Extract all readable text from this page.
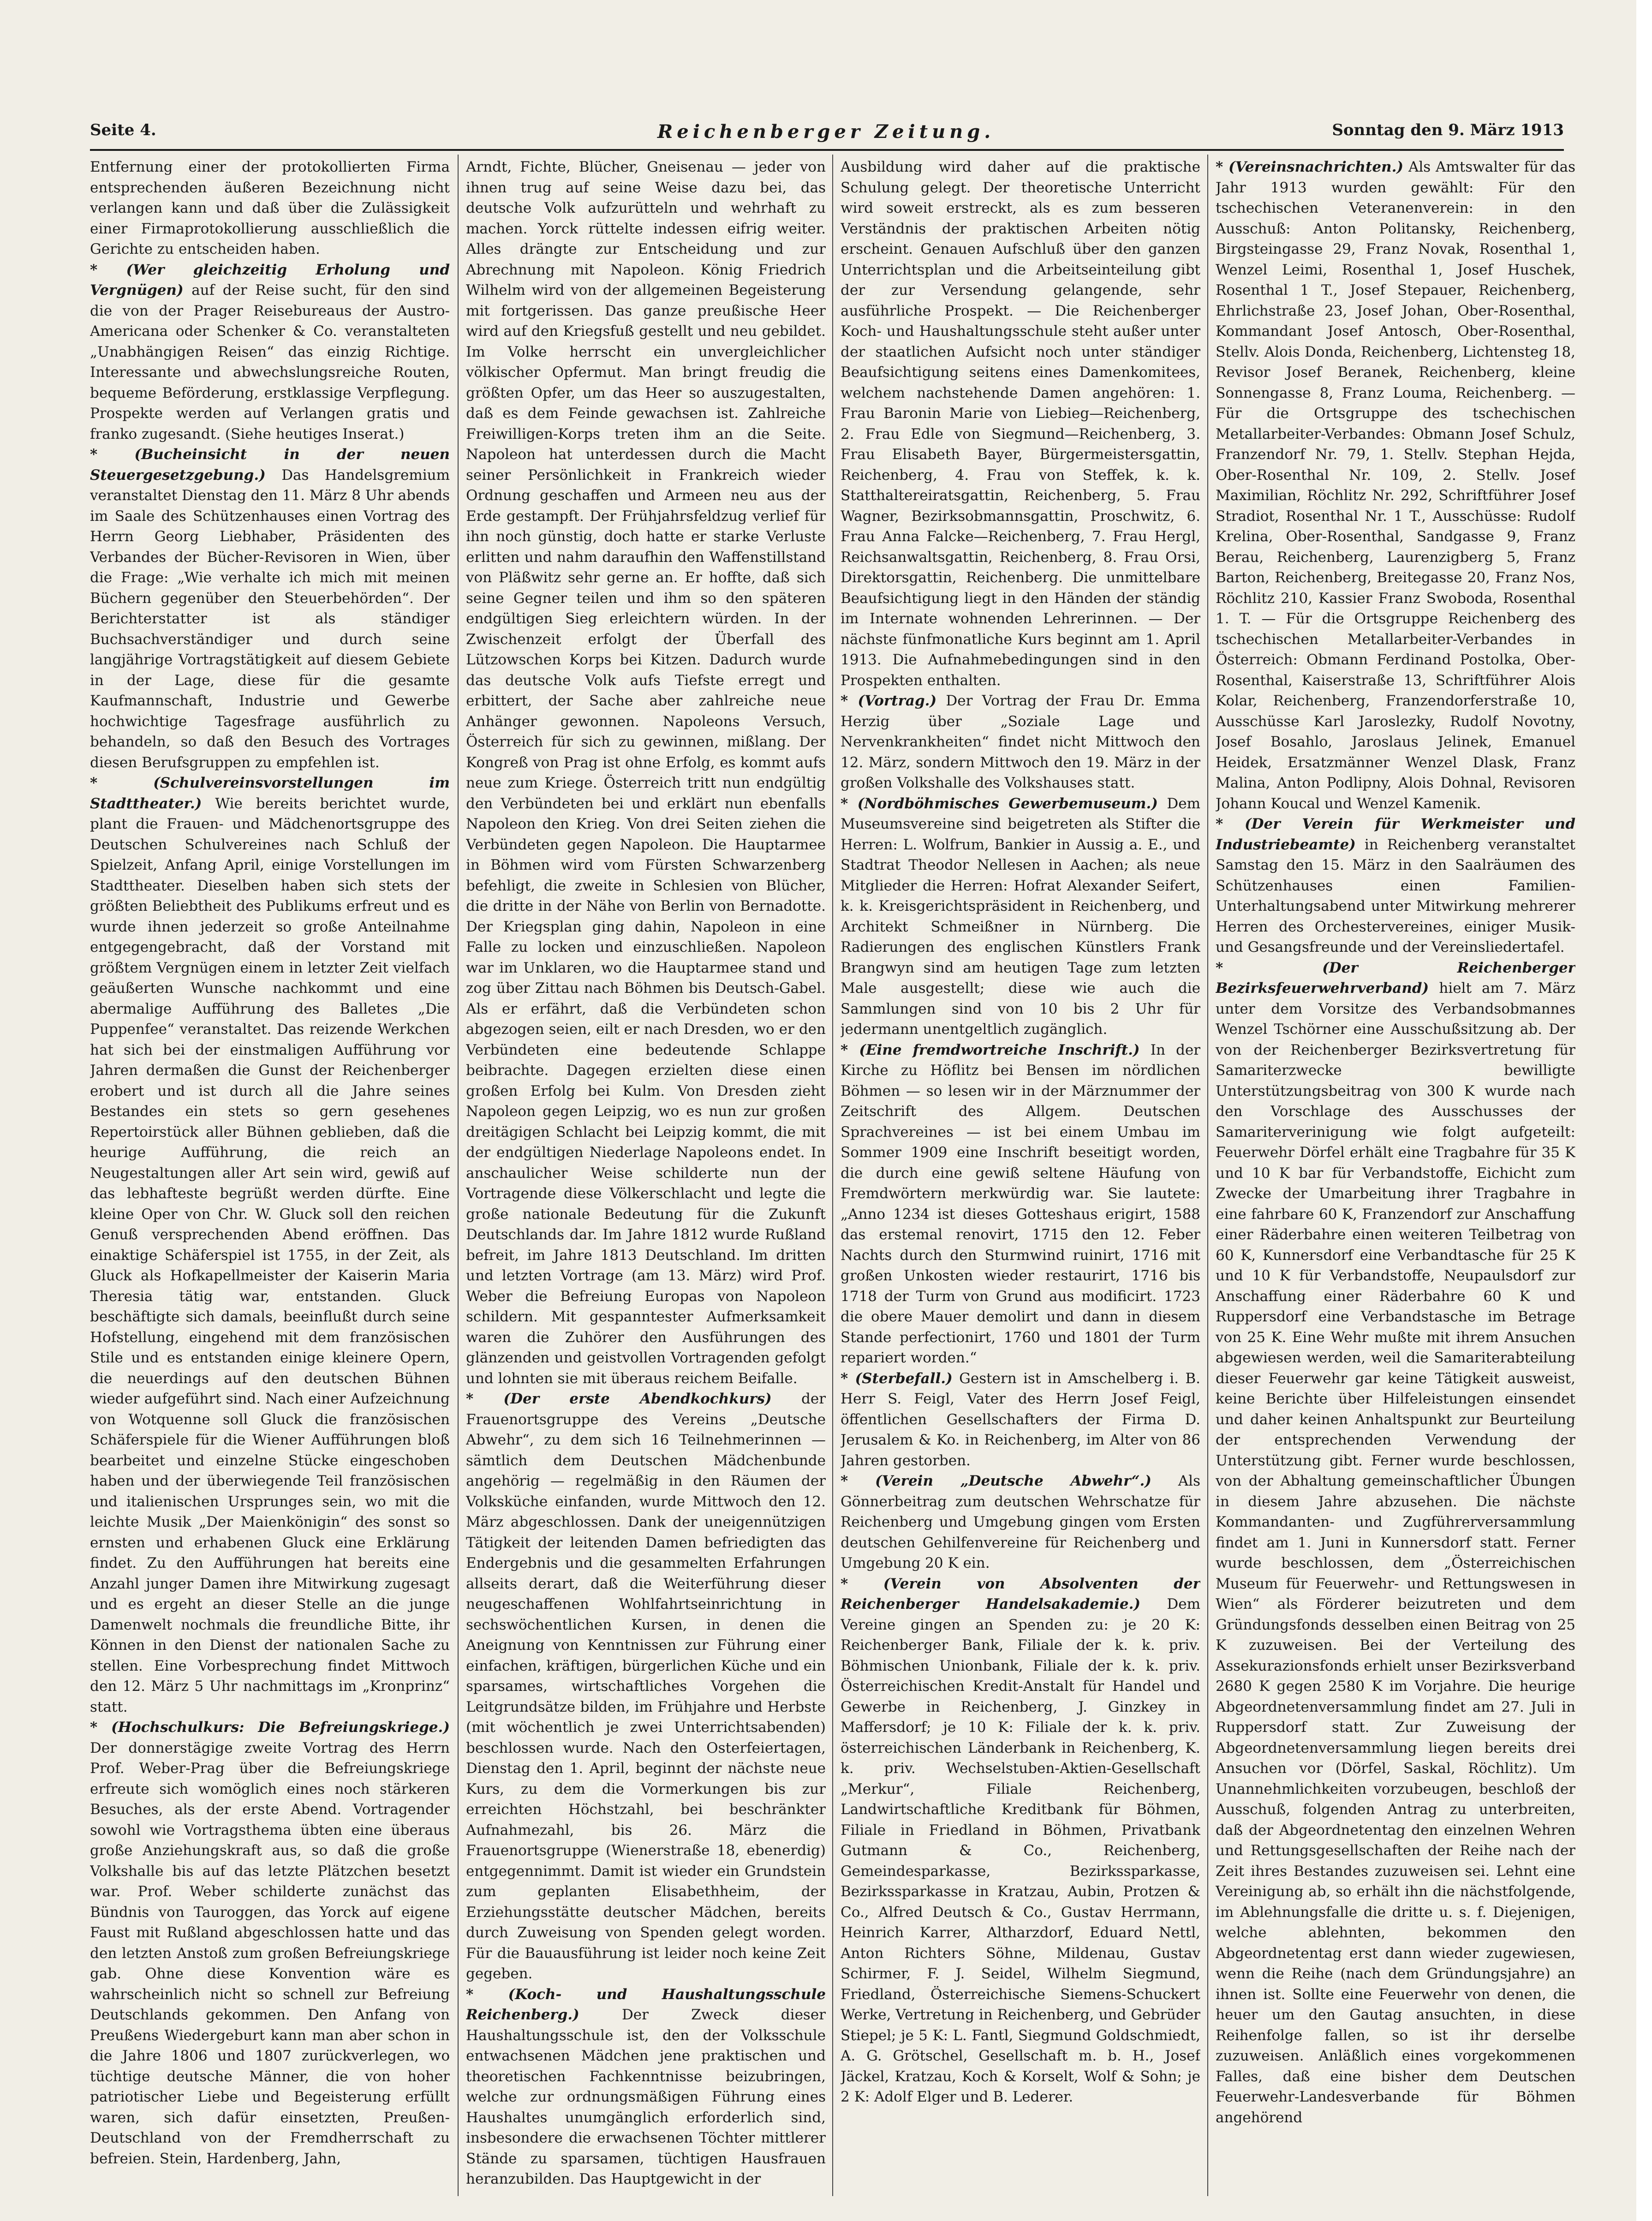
Seite 4.	Reichenberger Zeitung.	Sonntag den 9. März 1913

Entfernung einer der protokollierten Firma entsprechenden äußeren Bezeichnung nicht verlangen kann und daß über die Zulässigkeit einer Firmaprotokollierung ausschließlich die Gerichte zu entscheiden haben.

* (Wer gleichzeitig Erholung und Vergnügen) auf der Reise sucht, für den sind die von der Prager Reisebureaus der Austro-Americana oder Schenker & Co. veranstalteten „Unabhängigen Reisen“ das einzig Richtige. Interessante und abwechslungsreiche Routen, bequeme Beförderung, erstklassige Verpflegung. Prospekte werden auf Verlangen gratis und franko zugesandt. (Siehe heutiges Inserat.)

* (Bucheinsicht in der neuen Steuergesetzgebung.) Das Handelsgremium veranstaltet Dienstag den 11. März 8 Uhr abends im Saale des Schützenhauses einen Vortrag des Herrn Georg Liebhaber, Präsidenten des Verbandes der Bücher-Revisoren in Wien, über die Frage: „Wie verhalte ich mich mit meinen Büchern gegenüber den Steuerbehörden“. Der Berichterstatter ist als ständiger Buchsachverständiger und durch seine langjährige Vortragstätigkeit auf diesem Gebiete in der Lage, diese für die gesamte Kaufmannschaft, Industrie und Gewerbe hochwichtige Tagesfrage ausführlich zu behandeln, so daß den Besuch des Vortrages diesen Berufsgruppen zu empfehlen ist.

* (Schulvereinsvorstellungen im Stadttheater.) Wie bereits berichtet wurde, plant die Frauen- und Mädchenortsgruppe des Deutschen Schulvereines nach Schluß der Spielzeit, Anfang April, einige Vorstellungen im Stadttheater. Dieselben haben sich stets der größten Beliebtheit des Publikums erfreut und es wurde ihnen jederzeit so große Anteilnahme entgegengebracht, daß der Vorstand mit größtem Vergnügen einem in letzter Zeit vielfach geäußerten Wunsche nachkommt und eine abermalige Aufführung des Balletes „Die Puppenfee“ veranstaltet. Das reizende Werkchen hat sich bei der einstmaligen Aufführung vor Jahren dermaßen die Gunst der Reichenberger erobert und ist durch all die Jahre seines Bestandes ein stets so gern gesehenes Repertoirstück aller Bühnen geblieben, daß die heurige Aufführung, die reich an Neugestaltungen aller Art sein wird, gewiß auf das lebhafteste begrüßt werden dürfte. Eine kleine Oper von Chr. W. Gluck soll den reichen Genuß versprechenden Abend eröffnen. Das einaktige Schäferspiel ist 1755, in der Zeit, als Gluck als Hofkapellmeister der Kaiserin Maria Theresia tätig war, entstanden. Gluck beschäftigte sich damals, beeinflußt durch seine Hofstellung, eingehend mit dem französischen Stile und es entstanden einige kleinere Opern, die neuerdings auf den deutschen Bühnen wieder aufgeführt sind. Nach einer Aufzeichnung von Wotquenne soll Gluck die französischen Schäferspiele für die Wiener Aufführungen bloß bearbeitet und einzelne Stücke eingeschoben haben und der überwiegende Teil französischen und italienischen Ursprunges sein, wo mit die leichte Musik „Der Maienkönigin“ des sonst so ernsten und erhabenen Gluck eine Erklärung findet. Zu den Aufführungen hat bereits eine Anzahl junger Damen ihre Mitwirkung zugesagt und es ergeht an dieser Stelle an die junge Damenwelt nochmals die freundliche Bitte, ihr Können in den Dienst der nationalen Sache zu stellen. Eine Vorbesprechung findet Mittwoch den 12. März 5 Uhr nachmittags im „Kronprinz“ statt.

* (Hochschulkurs: Die Befreiungskriege.) Der donnerstägige zweite Vortrag des Herrn Prof. Weber-Prag über die Befreiungskriege erfreute sich womöglich eines noch stärkeren Besuches, als der erste Abend. Vortragender sowohl wie Vortragsthema übten eine überaus große Anziehungskraft aus, so daß die große Volkshalle bis auf das letzte Plätzchen besetzt war. Prof. Weber schilderte zunächst das Bündnis von Tauroggen, das Yorck auf eigene Faust mit Rußland abgeschlossen hatte und das den letzten Anstoß zum großen Befreiungskriege gab. Ohne diese Konvention wäre es wahrscheinlich nicht so schnell zur Befreiung Deutschlands gekommen. Den Anfang von Preußens Wiedergeburt kann man aber schon in die Jahre 1806 und 1807 zurückverlegen, wo tüchtige deutsche Männer, die von hoher patriotischer Liebe und Begeisterung erfüllt waren, sich dafür einsetzten, Preußen-Deutschland von der Fremdherrschaft zu befreien. Stein, Hardenberg, Jahn,

Arndt, Fichte, Blücher, Gneisenau — jeder von ihnen trug auf seine Weise dazu bei, das deutsche Volk aufzurütteln und wehrhaft zu machen. Yorck rüttelte indessen eifrig weiter. Alles drängte zur Entscheidung und zur Abrechnung mit Napoleon. König Friedrich Wilhelm wird von der allgemeinen Begeisterung mit fortgerissen. Das ganze preußische Heer wird auf den Kriegsfuß gestellt und neu gebildet. Im Volke herrscht ein unvergleichlicher völkischer Opfermut. Man bringt freudig die größten Opfer, um das Heer so auszugestalten, daß es dem Feinde gewachsen ist. Zahlreiche Freiwilligen-Korps treten ihm an die Seite. Napoleon hat unterdessen durch die Macht seiner Persönlichkeit in Frankreich wieder Ordnung geschaffen und Armeen neu aus der Erde gestampft. Der Frühjahrsfeldzug verlief für ihn noch günstig, doch hatte er starke Verluste erlitten und nahm daraufhin den Waffenstillstand von Pläßwitz sehr gerne an. Er hoffte, daß sich seine Gegner teilen und ihm so den späteren endgültigen Sieg erleichtern würden. In der Zwischenzeit erfolgt der Überfall des Lützowschen Korps bei Kitzen. Dadurch wurde das deutsche Volk aufs Tiefste erregt und erbittert, der Sache aber zahlreiche neue Anhänger gewonnen. Napoleons Versuch, Österreich für sich zu gewinnen, mißlang. Der Kongreß von Prag ist ohne Erfolg, es kommt aufs neue zum Kriege. Österreich tritt nun endgültig den Verbündeten bei und erklärt nun ebenfalls Napoleon den Krieg. Von drei Seiten ziehen die Verbündeten gegen Napoleon. Die Hauptarmee in Böhmen wird vom Fürsten Schwarzenberg befehligt, die zweite in Schlesien von Blücher, die dritte in der Nähe von Berlin von Bernadotte. Der Kriegsplan ging dahin, Napoleon in eine Falle zu locken und einzuschließen. Napoleon war im Unklaren, wo die Hauptarmee stand und zog über Zittau nach Böhmen bis Deutsch-Gabel. Als er erfährt, daß die Verbündeten schon abgezogen seien, eilt er nach Dresden, wo er den Verbündeten eine bedeutende Schlappe beibrachte. Dagegen erzielten diese einen großen Erfolg bei Kulm. Von Dresden zieht Napoleon gegen Leipzig, wo es nun zur großen dreitägigen Schlacht bei Leipzig kommt, die mit der endgültigen Niederlage Napoleons endet. In anschaulicher Weise schilderte nun der Vortragende diese Völkerschlacht und legte die große nationale Bedeutung für die Zukunft Deutschlands dar. Im Jahre 1812 wurde Rußland befreit, im Jahre 1813 Deutschland. Im dritten und letzten Vortrage (am 13. März) wird Prof. Weber die Befreiung Europas von Napoleon schildern. Mit gespanntester Aufmerksamkeit waren die Zuhörer den Ausführungen des glänzenden und geistvollen Vortragenden gefolgt und lohnten sie mit überaus reichem Beifalle.

* (Der erste Abendkochkurs) der Frauenortsgruppe des Vereins „Deutsche Abwehr“, zu dem sich 16 Teilnehmerinnen — sämtlich dem Deutschen Mädchenbunde angehörig — regelmäßig in den Räumen der Volksküche einfanden, wurde Mittwoch den 12. März abgeschlossen. Dank der uneigennützigen Tätigkeit der leitenden Damen befriedigten das Endergebnis und die gesammelten Erfahrungen allseits derart, daß die Weiterführung dieser neugeschaffenen Wohlfahrtseinrichtung in sechswöchentlichen Kursen, in denen die Aneignung von Kenntnissen zur Führung einer einfachen, kräftigen, bürgerlichen Küche und ein sparsames, wirtschaftliches Vorgehen die Leitgrundsätze bilden, im Frühjahre und Herbste (mit wöchentlich je zwei Unterrichtsabenden) beschlossen wurde. Nach den Osterfeiertagen, Dienstag den 1. April, beginnt der nächste neue Kurs, zu dem die Vormerkungen bis zur erreichten Höchstzahl, bei beschränkter Aufnahmezahl, bis 26. März die Frauenortsgruppe (Wienerstraße 18, ebenerdig) entgegennimmt. Damit ist wieder ein Grundstein zum geplanten Elisabethheim, der Erziehungsstätte deutscher Mädchen, bereits durch Zuweisung von Spenden gelegt worden. Für die Bauausführung ist leider noch keine Zeit gegeben.

* (Koch- und Haushaltungsschule Reichenberg.)	Der Zweck dieser Haushaltungsschule ist, den der Volksschule entwachsenen Mädchen jene praktischen und theoretischen Fachkenntnisse beizubringen, welche zur ordnungsmäßigen Führung eines Haushaltes unumgänglich erforderlich sind, insbesondere die erwachsenen Töchter mittlerer Stände zu sparsamen, tüchtigen Hausfrauen heranzubilden. Das Hauptgewicht in der

Ausbildung wird daher auf die praktische Schulung gelegt. Der theoretische Unterricht wird soweit erstreckt, als es zum besseren Verständnis der praktischen Arbeiten nötig erscheint. Genauen Aufschluß über den ganzen Unterrichtsplan und die Arbeitseinteilung gibt der zur Versendung gelangende, sehr ausführliche Prospekt. — Die Reichenberger Koch- und Haushaltungsschule steht außer unter der staatlichen Aufsicht noch unter ständiger Beaufsichtigung seitens eines Damenkomitees, welchem nachstehende Damen angehören: 1. Frau Baronin Marie von Liebieg—Reichenberg, 2. Frau Edle von Siegmund—Reichenberg, 3. Frau Elisabeth Bayer, Bürgermeistersgattin, Reichenberg, 4. Frau von Steffek, k. k. Statthaltereiratsgattin, Reichenberg, 5. Frau Wagner, Bezirksobmannsgattin, Proschwitz, 6. Frau Anna Falcke—Reichenberg, 7. Frau Hergl, Reichsanwaltsgattin, Reichenberg, 8. Frau Orsi, Direktorsgattin, Reichenberg. Die unmittelbare Beaufsichtigung liegt in den Händen der ständig im Internate wohnenden Lehrerinnen. — Der nächste fünfmonatliche Kurs beginnt am 1. April 1913. Die Aufnahmebedingungen sind in den Prospekten enthalten.

* (Vortrag.) Der Vortrag der Frau Dr. Emma Herzig über „Soziale Lage und Nervenkrankheiten“ findet nicht Mittwoch den 12. März, sondern Mittwoch den 19. März in der großen Volkshalle des Volkshauses statt.

* (Nordböhmisches Gewerbemuseum.) Dem Museumsvereine sind beigetreten als Stifter die Herren: L. Wolfrum, Bankier in Aussig a. E., und Stadtrat Theodor Nellesen in Aachen; als neue Mitglieder die Herren: Hofrat Alexander Seifert, k. k. Kreisgerichtspräsident in Reichenberg, und Architekt Schmeißner in Nürnberg. Die Radierungen des englischen Künstlers Frank Brangwyn sind am heutigen Tage zum letzten Male ausgestellt; diese wie auch die Sammlungen sind von 10 bis 2 Uhr für jedermann unentgeltlich zugänglich.

* (Eine fremdwortreiche Inschrift.) In der Kirche zu Höflitz bei Bensen im nördlichen Böhmen — so lesen wir in der Märznummer der Zeitschrift des Allgem. Deutschen Sprachvereines — ist bei einem Umbau im Sommer 1909 eine Inschrift beseitigt worden, die durch eine gewiß seltene Häufung von Fremdwörtern merkwürdig war. Sie lautete: „Anno 1234 ist dieses Gotteshaus erigirt, 1588 das erstemal renovirt, 1715 den 12. Feber Nachts durch den Sturmwind ruinirt, 1716 mit großen Unkosten wieder restaurirt, 1716 bis 1718 der Turm von Grund aus modificirt. 1723 die obere Mauer demolirt und dann in diesem Stande perfectionirt, 1760 und 1801 der Turm repariert worden.“

* (Sterbefall.) Gestern ist in Amschelberg i. B. Herr S. Feigl, Vater des Herrn Josef Feigl, öffentlichen Gesellschafters der Firma D. Jerusalem & Ko. in Reichenberg, im Alter von 86 Jahren gestorben.

* (Verein „Deutsche Abwehr“.) Als Gönnerbeitrag zum deutschen Wehrschatze für Reichenberg und Umgebung gingen vom Ersten deutschen Gehilfenvereine für Reichenberg und Umgebung 20 K ein.

* (Verein von Absolventen der Reichenberger Handelsakademie.) Dem Vereine gingen an Spenden zu: je 20 K: Reichenberger Bank, Filiale der k. k. priv. Böhmischen Unionbank, Filiale der k. k. priv. Österreichischen Kredit-Anstalt für Handel und Gewerbe in Reichenberg, J. Ginzkey in Maffersdorf; je 10 K: Filiale der k. k. priv. österreichischen Länderbank in Reichenberg, K. k. priv. Wechselstuben-Aktien-Gesellschaft „Merkur“, Filiale Reichenberg, Landwirtschaftliche Kreditbank für Böhmen, Filiale in Friedland in Böhmen, Privatbank Gutmann & Co., Reichenberg, Gemeindesparkasse, Bezirkssparkasse, Bezirkssparkasse in Kratzau, Aubin, Protzen & Co., Alfred Deutsch & Co., Gustav Herrmann, Heinrich Karrer, Altharzdorf, Eduard Nettl, Anton Richters Söhne, Mildenau, Gustav Schirmer, F. J. Seidel, Wilhelm Siegmund, Friedland, Österreichische Siemens-Schuckert Werke, Vertretung in Reichenberg, und Gebrüder Stiepel; je 5 K: L. Fantl, Siegmund Goldschmiedt, A. G. Grötschel, Gesellschaft m. b. H., Josef Jäckel, Kratzau, Koch & Korselt, Wolf & Sohn; je 2 K: Adolf Elger und B. Lederer.

* (Vereinsnachrichten.) Als Amtswalter für das Jahr 1913 wurden gewählt: Für den tschechischen Veteranenverein: in den Ausschuß: Anton Politansky, Reichenberg, Birgsteingasse 29, Franz Novak, Rosenthal 1, Wenzel Leimi, Rosenthal 1, Josef Huschek, Rosenthal 1 T., Josef Stepauer, Reichenberg, Ehrlichstraße 23, Josef Johan, Ober-Rosenthal, Kommandant Josef Antosch, Ober-Rosenthal, Stellv. Alois Donda, Reichenberg, Lichtensteg 18, Revisor Josef Beranek, Reichenberg, kleine Sonnengasse 8, Franz Louma, Reichenberg. — Für die Ortsgruppe des tschechischen Metallarbeiter-Verbandes: Obmann Josef Schulz, Franzendorf Nr. 79, 1. Stellv. Stephan Hejda, Ober-Rosenthal Nr. 109, 2. Stellv. Josef Maximilian, Röchlitz Nr. 292, Schriftführer Josef Stradiot, Rosenthal Nr. 1 T., Ausschüsse: Rudolf Krelina, Ober-Rosenthal, Sandgasse 9, Franz Berau, Reichenberg, Laurenzigberg 5, Franz Barton, Reichenberg, Breitegasse 20, Franz Nos, Röchlitz 210, Kassier Franz Swoboda, Rosenthal 1. T. — Für die Ortsgruppe Reichenberg des tschechischen Metallarbeiter-Verbandes in Österreich: Obmann Ferdinand Postolka, Ober-Rosenthal, Kaiserstraße 13, Schriftführer Alois Kolar, Reichenberg, Franzendorferstraße 10, Ausschüsse Karl Jaroslezky, Rudolf Novotny, Josef Bosahlo, Jaroslaus Jelinek, Emanuel Heidek, Ersatzmänner Wenzel Dlask, Franz Malina, Anton Podlipny, Alois Dohnal, Revisoren Johann Koucal und Wenzel Kamenik.

* (Der Verein für Werkmeister und Industriebeamte) in Reichenberg veranstaltet Samstag den 15. März in den Saalräumen des Schützenhauses einen Familien-Unterhaltungsabend unter Mitwirkung mehrerer Herren des Orchestervereines, einiger Musik- und Gesangsfreunde und der Vereinsliedertafel.

* (Der Reichenberger Bezirksfeuerwehrverband) hielt am 7. März unter dem Vorsitze des Verbandsobmannes Wenzel Tschörner eine Ausschußsitzung ab. Der von der Reichenberger Bezirksvertretung für Samariterzwecke bewilligte Unterstützungsbeitrag von 300 K wurde nach den Vorschlage des Ausschusses der Samariterverinigung wie folgt aufgeteilt: Feuerwehr Dörfel erhält eine Tragbahre für 35 K und 10 K bar für Verbandstoffe, Eichicht zum Zwecke der Umarbeitung ihrer Tragbahre in eine fahrbare 60 K, Franzendorf zur Anschaffung einer Räderbahre einen weiteren Teilbetrag von 60 K, Kunnersdorf eine Verbandtasche für 25 K und 10 K für Verbandstoffe, Neupaulsdorf zur Anschaffung einer Räderbahre 60 K und Ruppersdorf eine Verbandstasche im Betrage von 25 K. Eine Wehr mußte mit ihrem Ansuchen abgewiesen werden, weil die Samariterabteilung dieser Feuerwehr gar keine Tätigkeit ausweist, keine Berichte über Hilfeleistungen einsendet und daher keinen Anhaltspunkt zur Beurteilung der entsprechenden Verwendung der Unterstützung gibt. Ferner wurde beschlossen, von der Abhaltung gemeinschaftlicher Übungen in diesem Jahre abzusehen. Die nächste Kommandanten- und Zugführerversammlung findet am 1. Juni in Kunnersdorf statt. Ferner wurde beschlossen, dem „Österreichischen Museum für Feuerwehr- und Rettungswesen in Wien“ als Förderer beizutreten und dem Gründungsfonds desselben einen Beitrag von 25 K zuzuweisen. Bei der Verteilung des Assekurazionsfonds erhielt unser Bezirksverband 2680 K gegen 2580 K im Vorjahre. Die heurige Abgeordnetenversammlung findet am 27. Juli in Ruppersdorf statt. Zur Zuweisung der Abgeordnetenversammlung liegen bereits drei Ansuchen vor (Dörfel, Saskal, Röchlitz). Um Unannehmlichkeiten vorzubeugen, beschloß der Ausschuß, folgenden Antrag zu unterbreiten, daß der Abgeordnetentag den einzelnen Wehren und Rettungsgesellschaften der Reihe nach der Zeit ihres Bestandes zuzuweisen sei. Lehnt eine Vereinigung ab, so erhält ihn die nächstfolgende, im Ablehnungsfalle die dritte u. s. f. Diejenigen, welche ablehnten, bekommen den Abgeordnetentag erst dann wieder zugewiesen, wenn die Reihe (nach dem Gründungsjahre) an ihnen ist. Sollte eine Feuerwehr von denen, die heuer um den Gautag ansuchten, in diese Reihenfolge fallen, so ist ihr derselbe zuzuweisen. Anläßlich eines vorgekommenen Falles, daß eine bisher dem Deutschen Feuerwehr-Landesverbande für Böhmen angehörend
